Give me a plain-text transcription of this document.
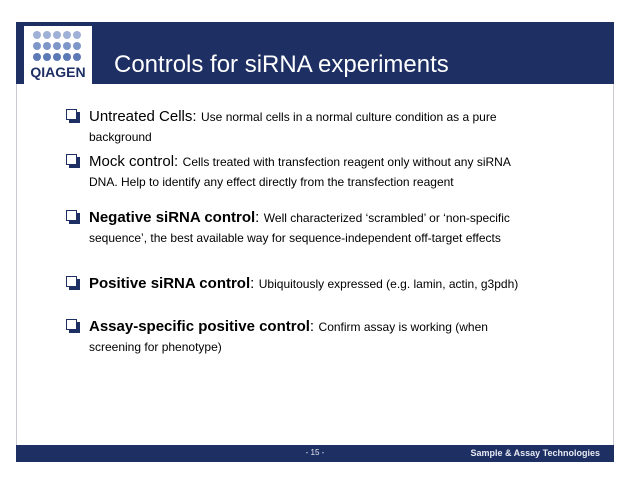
Controls for siRNA experiments
QIAGEN
Untreated Cells: Use normal cells in a normal culture condition as a pure
background
Mock control: Cells treated with transfection reagent only without any siRNA
DNA. Help to identify any effect directly from the transfection reagent
Negative siRNA control: Well characterized ‘scrambled’ or ‘non-specific
sequence’, the best available way for sequence-independent off-target effects
Positive siRNA control: Ubiquitously expressed (e.g. lamin, actin, g3pdh)
Assay-specific positive control: Confirm assay is working (when
screening for phenotype)
- 15 -	Sample & Assay Technologies
